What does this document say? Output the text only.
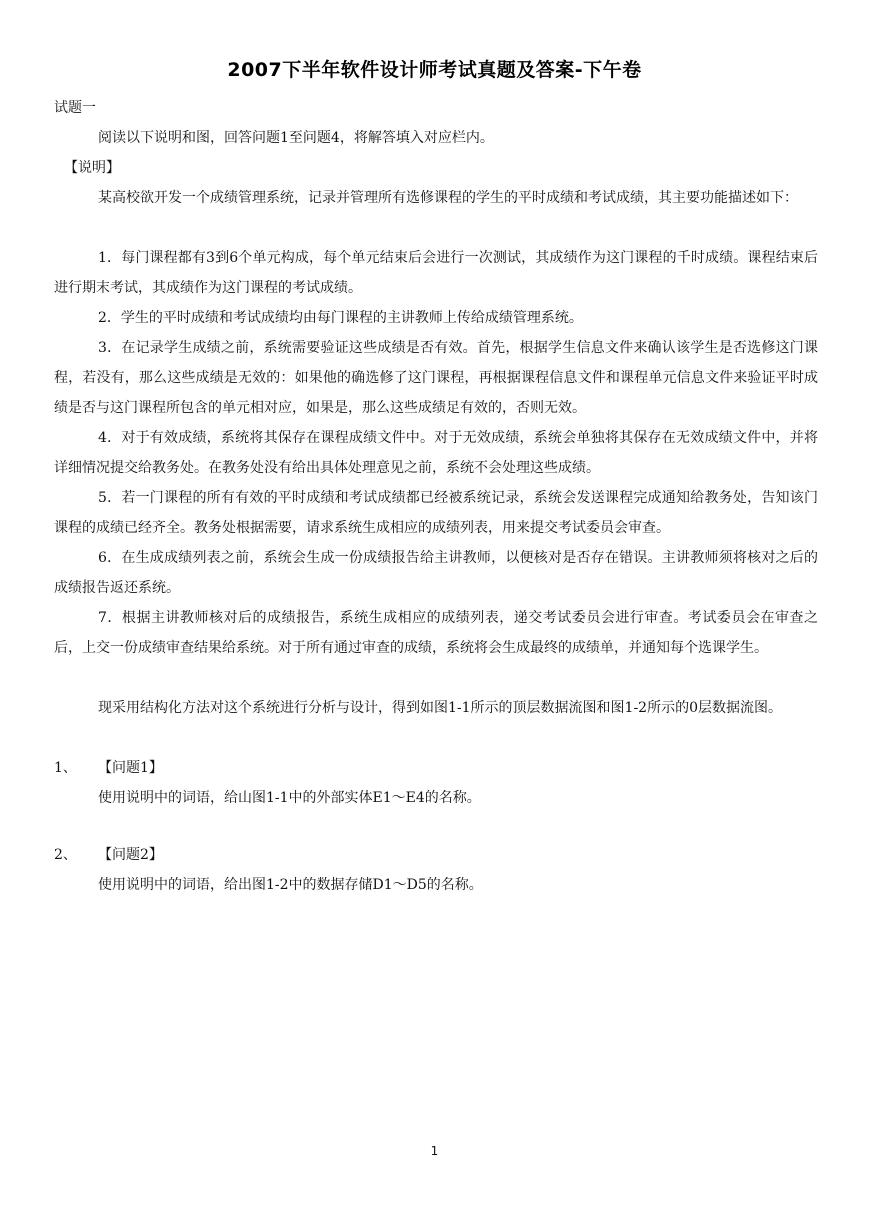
2007下半年软件设计师考试真题及答案-下午卷
试题一
阅读以下说明和图，回答问题1至问题4，将解答填入对应栏内。
【说明】
某高校欲开发一个成绩管理系统，记录并管理所有选修课程的学生的平时成绩和考试成绩，其主要功能描述如下：
1．每门课程都有3到6个单元构成，每个单元结束后会进行一次测试，其成绩作为这门课程的千时成绩。课程结束后进行期末考试，其成绩作为这门课程的考试成绩。
2．学生的平时成绩和考试成绩均由每门课程的主讲教师上传给成绩管理系统。
3．在记录学生成绩之前，系统需要验证这些成绩是否有效。首先，根据学生信息文件来确认该学生是否选修这门课程，若没有，那么这些成绩是无效的：如果他的确选修了这门课程，再根据课程信息文件和课程单元信息文件来验证平时成绩是否与这门课程所包含的单元相对应，如果是，那么这些成绩足有效的，否则无效。
4．对于有效成绩，系统将其保存在课程成绩文件中。对于无效成绩，系统会单独将其保存在无效成绩文件中，并将详细情况提交给教务处。在教务处没有给出具体处理意见之前，系统不会处理这些成绩。
5．若一门课程的所有有效的平时成绩和考试成绩都已经被系统记录，系统会发送课程完成通知给教务处，告知该门课程的成绩已经齐全。教务处根据需要，请求系统生成相应的成绩列表，用来提交考试委员会审查。
6．在生成成绩列表之前，系统会生成一份成绩报告给主讲教师，以便核对是否存在错误。主讲教师须将核对之后的成绩报告返还系统。
7．根据主讲教师核对后的成绩报告，系统生成相应的成绩列表，递交考试委员会进行审查。考试委员会在审查之后，上交一份成绩审查结果给系统。对于所有通过审查的成绩，系统将会生成最终的成绩单，并通知每个选课学生。
现采用结构化方法对这个系统进行分析与设计，得到如图1-1所示的顶层数据流图和图1-2所示的0层数据流图。
1、 【问题1】
使用说明中的词语，给山图1-1中的外部实体E1～E4的名称。
2、 【问题2】
使用说明中的词语，给出图1-2中的数据存储D1～D5的名称。
1
